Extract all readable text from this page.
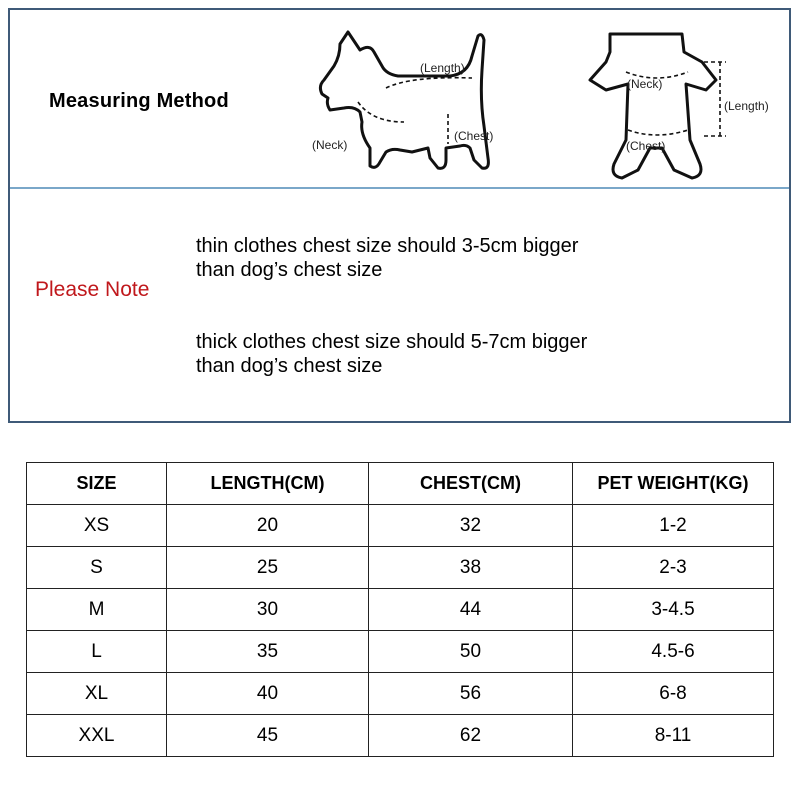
Measuring Method
(Length)
(Neck)
(Chest)
(Neck)
(Length)
(Chest)
Please Note
thin clothes chest size should 3-5cm bigger
than dog’s chest size
thick clothes chest size should 5-7cm bigger
than dog’s chest size
SIZE	LENGTH(CM)	CHEST(CM)	PET WEIGHT(KG)
XS	20	32	1-2
S	25	38	2-3
M	30	44	3-4.5
L	35	50	4.5-6
XL	40	56	6-8
XXL	45	62	8-11
